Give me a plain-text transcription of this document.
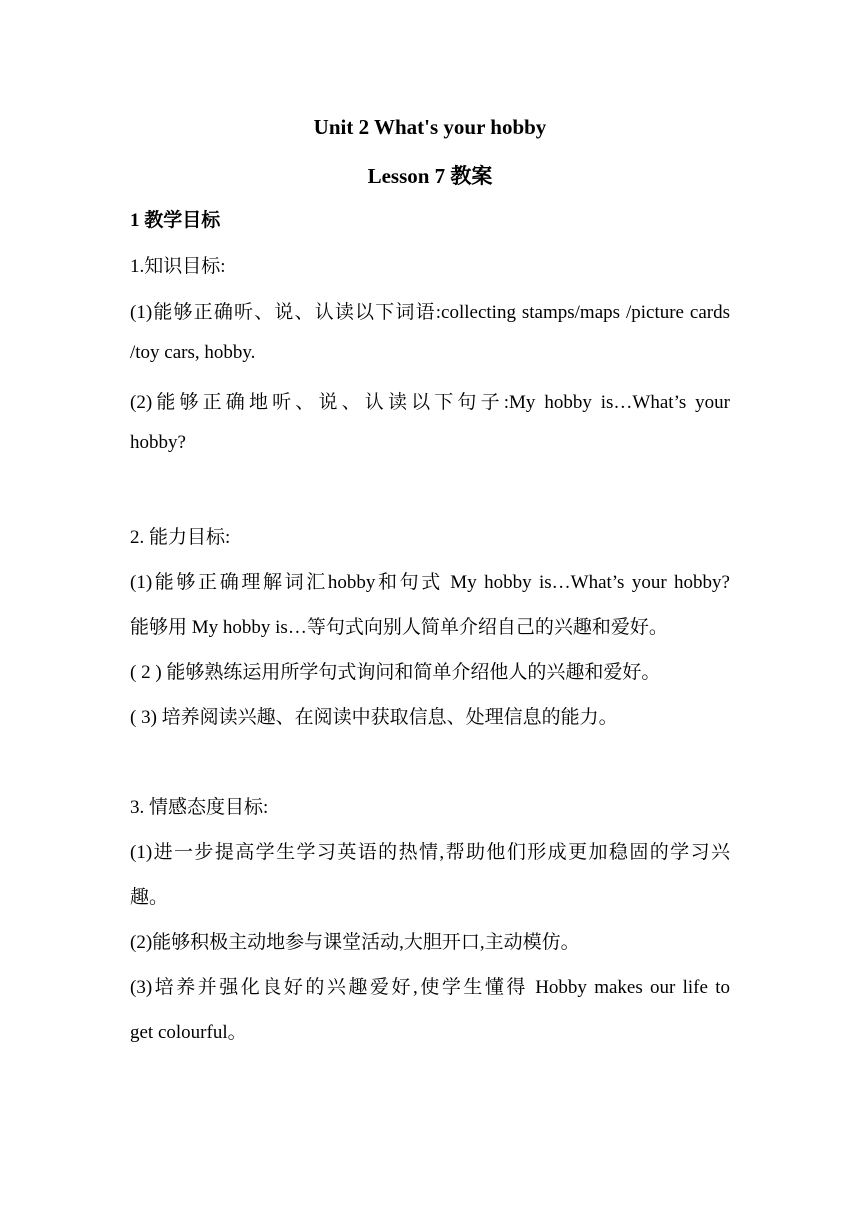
Unit 2 What's your hobby
Lesson 7 教案
1 教学目标
1.知识目标:
(1)能够正确听、说、认读以下词语:collecting stamps/maps /picture cards
/toy cars, hobby.
(2)能够正确地听、说、认读以下句子:My hobby is…What’s your
hobby?
2. 能力目标:
(1)能够正确理解词汇hobby和句式 My hobby is…What’s your hobby?
能够用 My hobby is…等句式向别人简单介绍自己的兴趣和爱好。
( 2 ) 能够熟练运用所学句式询问和简单介绍他人的兴趣和爱好。
( 3) 培养阅读兴趣、在阅读中获取信息、处理信息的能力。
3. 情感态度目标:
(1)进一步提高学生学习英语的热情,帮助他们形成更加稳固的学习兴
趣。
(2)能够积极主动地参与课堂活动,大胆开口,主动模仿。
(3)培养并强化良好的兴趣爱好,使学生懂得 Hobby makes our life to
get colourful。
